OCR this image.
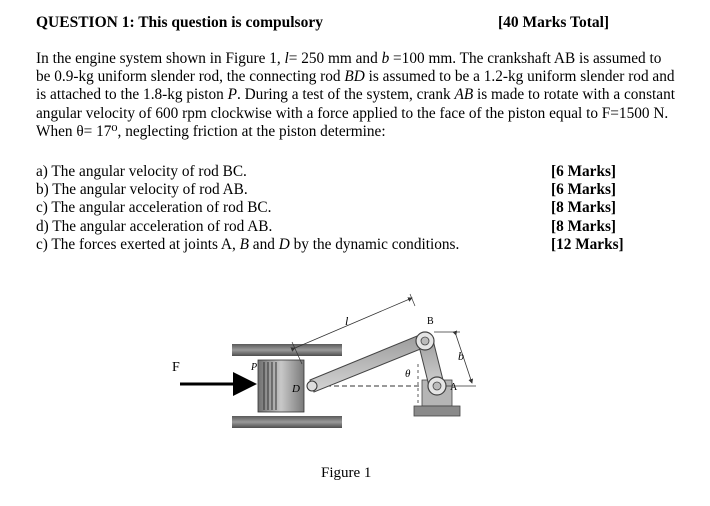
QUESTION 1: This question is compulsory	[40 Marks Total]
In the engine system shown in Figure 1, l= 250 mm and b =100 mm. The crankshaft AB is assumed to be 0.9-kg uniform slender rod, the connecting rod BD is assumed to be a 1.2-kg uniform slender rod and is attached to the 1.8-kg piston P. During a test of the system, crank AB is made to rotate with a constant angular velocity of 600 rpm clockwise with a force applied to the face of the piston equal to F=1500 N. When θ= 17⁰, neglecting friction at the piston determine:
a) The angular velocity of rod BC.
b) The angular velocity of rod AB.
c) The angular acceleration of rod BC.
d) The angular acceleration of rod AB.
c) The forces exerted at joints A, B and D by the dynamic conditions.
[6 Marks]
[6 Marks]
[8 Marks]
[8 Marks]
[12 Marks]
F	P
D
B
A
l
b
θ
Figure 1
